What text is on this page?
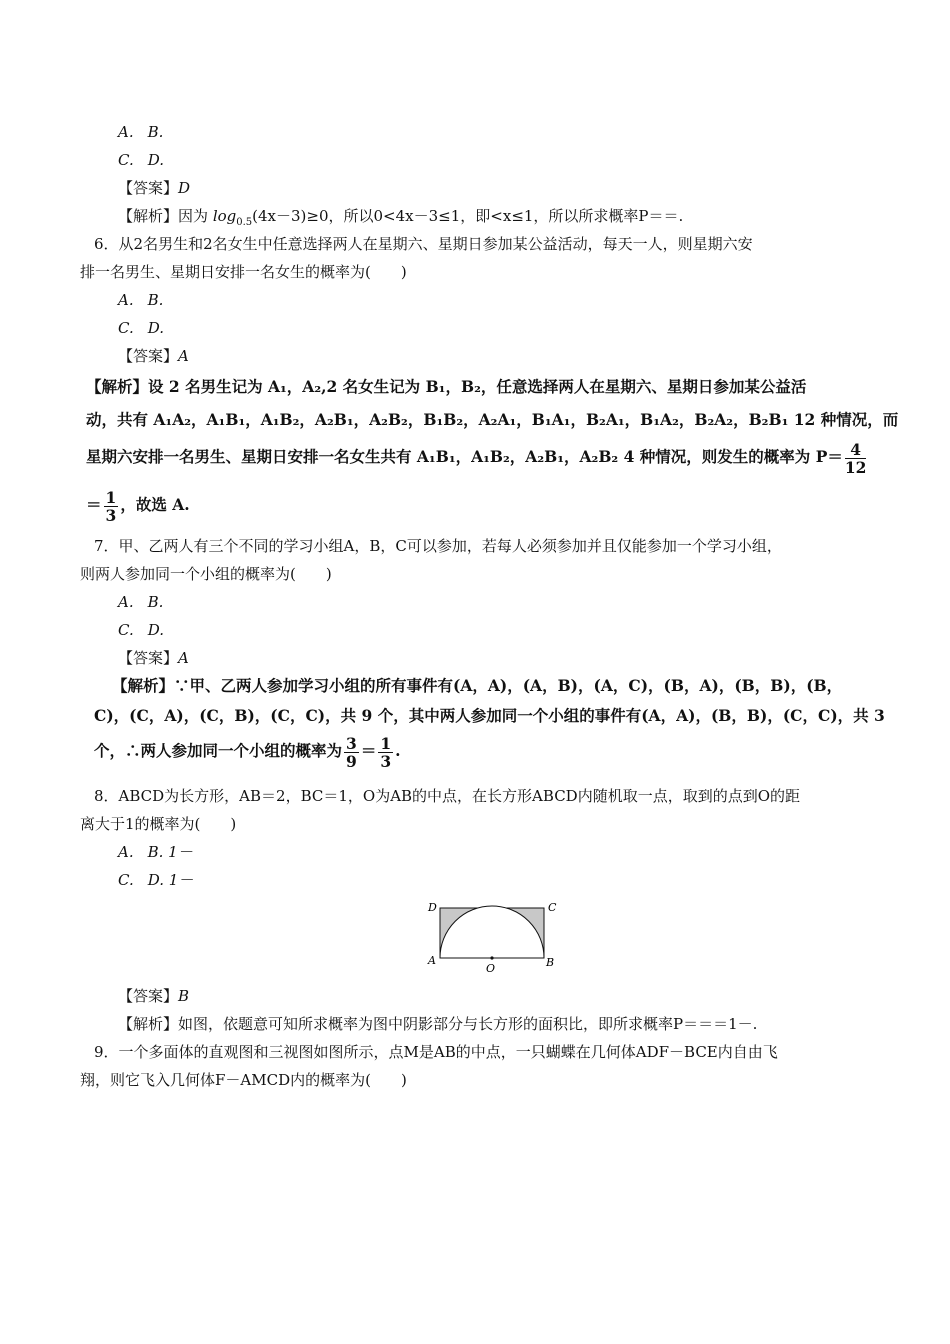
A. B.
C. D.
【答案】D
【解析】因为 $\log_{0.5}(4x-3)\ge 0$，所以0<4x－3≤1，即<x≤1，所以所求概率P＝＝.
6．从2名男生和2名女生中任意选择两人在星期六、星期日参加某公益活动，每天一人，则星期六安
排一名男生、星期日安排一名女生的概率为(　　)
A. B.
C. D.
【答案】A
【解析】设 2 名男生记为 A₁，A₂,2 名女生记为 B₁，B₂，任意选择两人在星期六、星期日参加某公益活
动，共有 A₁A₂，A₁B₁，A₁B₂，A₂B₁，A₂B₂，B₁B₂，A₂A₁，B₁A₁，B₂A₁，B₁A₂，B₂A₂，B₂B₁ 12 种情况，而
星期六安排一名男生、星期日安排一名女生共有 A₁B₁，A₁B₂，A₂B₁，A₂B₂ 4 种情况，则发生的概率为 $P= \frac{4}{12}$
＝ $\frac{1}{3}$ ，故选 A.
7．甲、乙两人有三个不同的学习小组A，B，C可以参加，若每人必须参加并且仅能参加一个学习小组，
则两人参加同一个小组的概率为(　　)
A. B.
C. D.
【答案】A
【解析】∵甲、乙两人参加学习小组的所有事件有(A，A)，(A，B)，(A，C)，(B，A)，(B，B)，(B，
C)，(C，A)，(C，B)，(C，C)，共 9 个，其中两人参加同一个小组的事件有(A，A)，(B，B)，(C，C)，共 3
个，∴两人参加同一个小组的概率为 $\frac{3}{9} = \frac{1}{3}$ .
8．ABCD为长方形，AB＝2，BC＝1，O为AB的中点，在长方形ABCD内随机取一点，取到的点到O的距
离大于1的概率为(　　)
A. B. 1－
C. D. 1－
D	C
A
O	B
【答案】B
【解析】如图，依题意可知所求概率为图中阴影部分与长方形的面积比，即所求概率P＝＝＝1－.
9．一个多面体的直观图和三视图如图所示，点M是AB的中点，一只蝴蝶在几何体ADF－BCE内自由飞
翔，则它飞入几何体F－AMCD内的概率为(　　)
